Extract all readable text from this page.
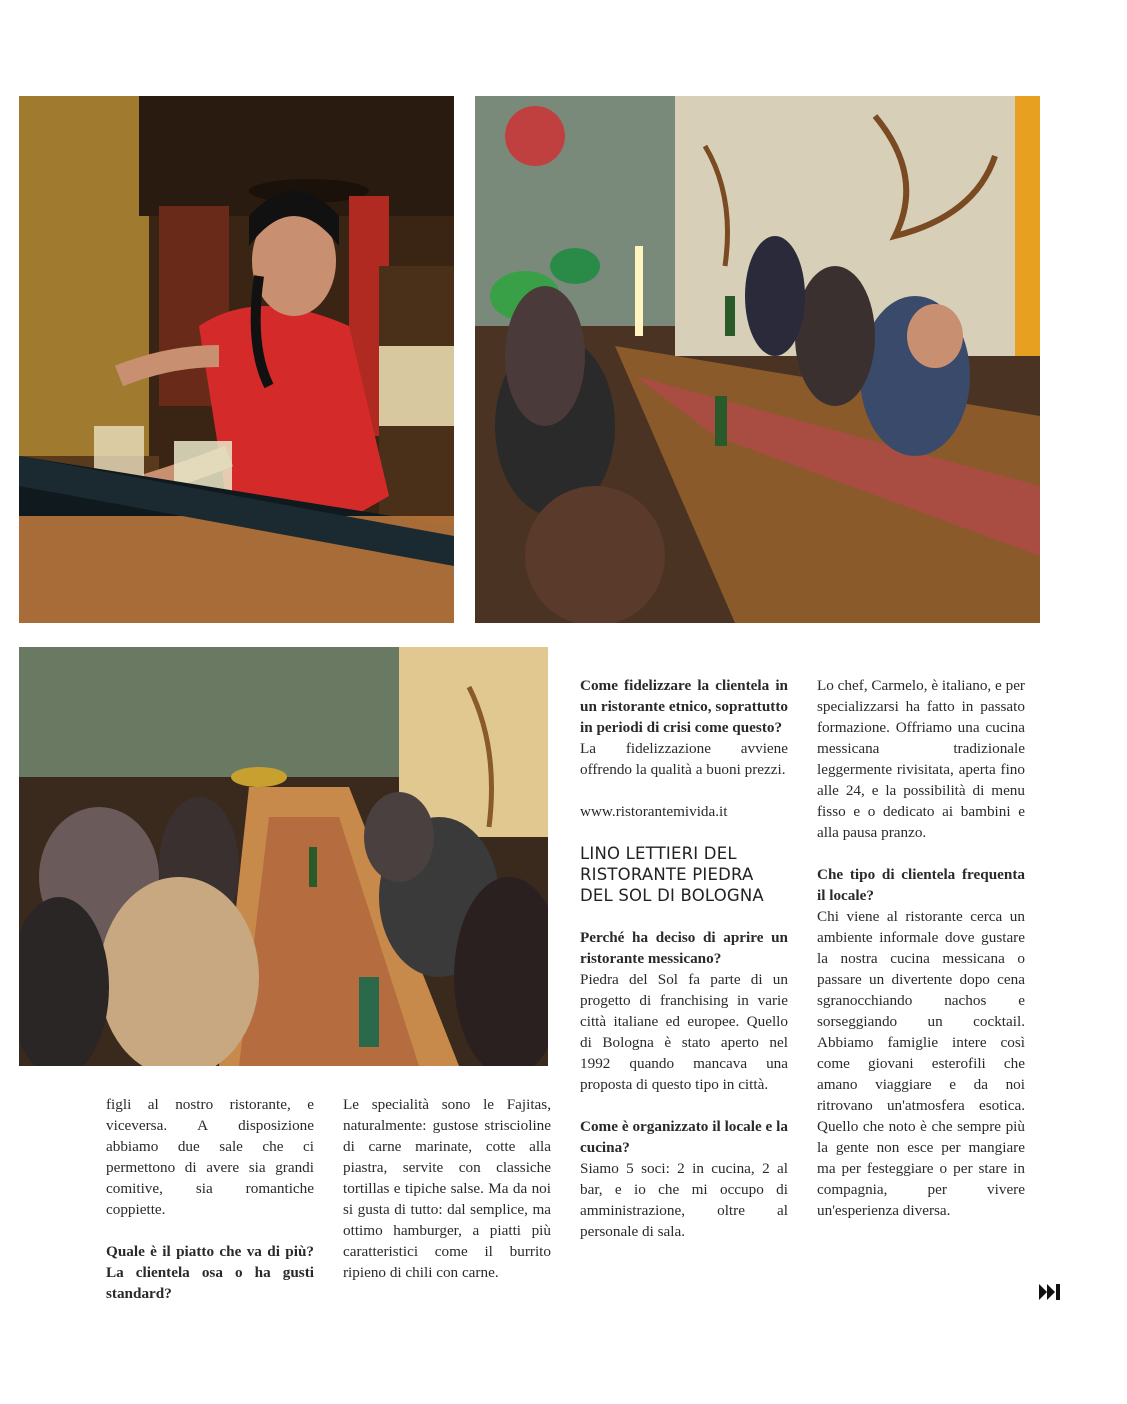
figli al nostro ristorante, e viceversa. A disposizione abbiamo due sale che ci permettono di avere sia grandi comitive, sia romantiche coppiette.

Quale è il piatto che va di più? La clientela osa o ha gusti standard?

Le specialità sono le Fajitas, naturalmente: gustose striscioline di carne marinate, cotte alla piastra, servite con classiche tortillas e tipiche salse. Ma da noi si gusta di tutto: dal semplice, ma ottimo hamburger, a piatti più caratteristici come il burrito ripieno di chili con carne.

Come fidelizzare la clientela in un ristorante etnico, soprattutto in periodi di crisi come questo?

La fidelizzazione avviene offrendo la qualità a buoni prezzi.

www.ristorantemivida.it

LINO LETTIERI DEL RISTORANTE PIEDRA DEL SOL DI BOLOGNA

Perché ha deciso di aprire un ristorante messicano?

Piedra del Sol fa parte di un progetto di franchising in varie città italiane ed europee. Quello di Bologna è stato aperto nel 1992 quando mancava una proposta di questo tipo in città.

Come è organizzato il locale e la cucina?

Siamo 5 soci: 2 in cucina, 2 al bar, e io che mi occupo di amministrazione, oltre al personale di sala.

Lo chef, Carmelo, è italiano, e per specializzarsi ha fatto in passato formazione. Offriamo una cucina messicana tradizionale leggermente rivisitata, aperta fino alle 24, e la possibilità di menu fisso e o dedicato ai bambini e alla pausa pranzo.

Che tipo di clientela frequenta il locale?

Chi viene al ristorante cerca un ambiente informale dove gustare la nostra cucina messicana o passare un divertente dopo cena sgranocchiando nachos e sorseggiando un cocktail. Abbiamo famiglie intere così come giovani esterofili che amano viaggiare e da noi ritrovano un'atmosfera esotica. Quello che noto è che sempre più la gente non esce per mangiare ma per festeggiare o per stare in compagnia, per vivere un'esperienza diversa.
